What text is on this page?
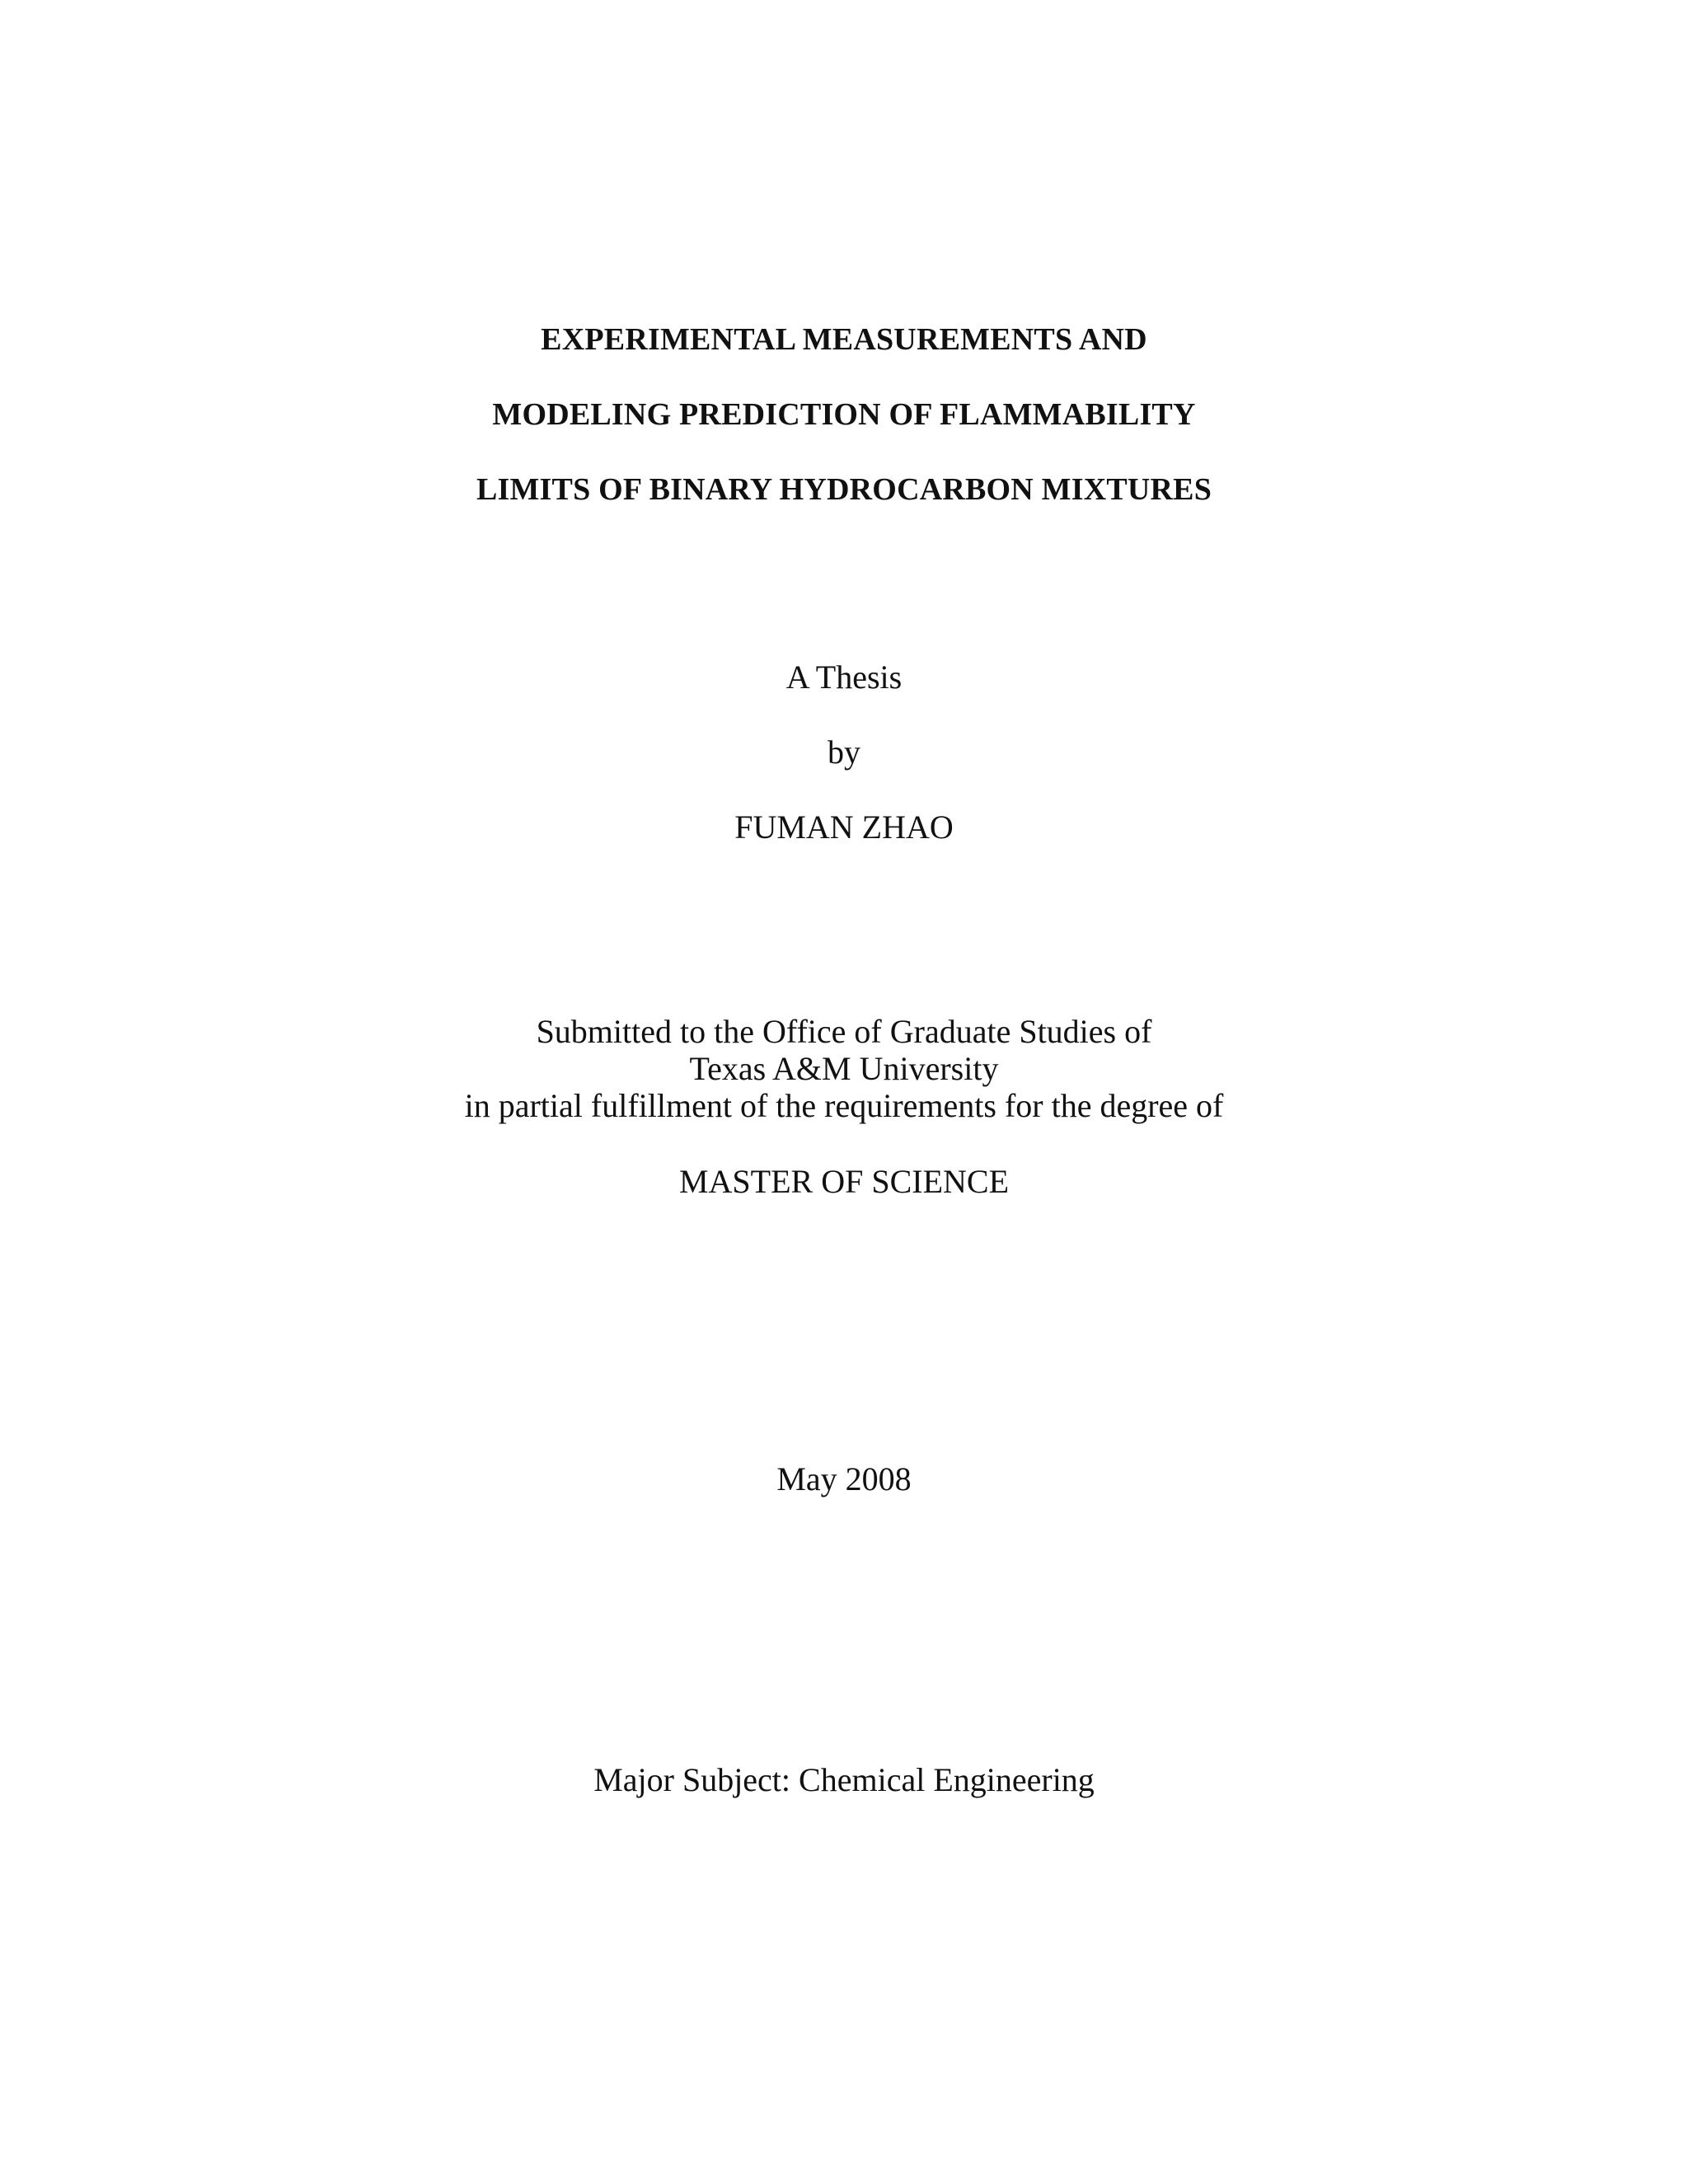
EXPERIMENTAL MEASUREMENTS AND
MODELING PREDICTION OF FLAMMABILITY
LIMITS OF BINARY HYDROCARBON MIXTURES
A Thesis
by
FUMAN ZHAO
Submitted to the Office of Graduate Studies of
Texas A&M University
in partial fulfillment of the requirements for the degree of
MASTER OF SCIENCE
May 2008
Major Subject: Chemical Engineering
